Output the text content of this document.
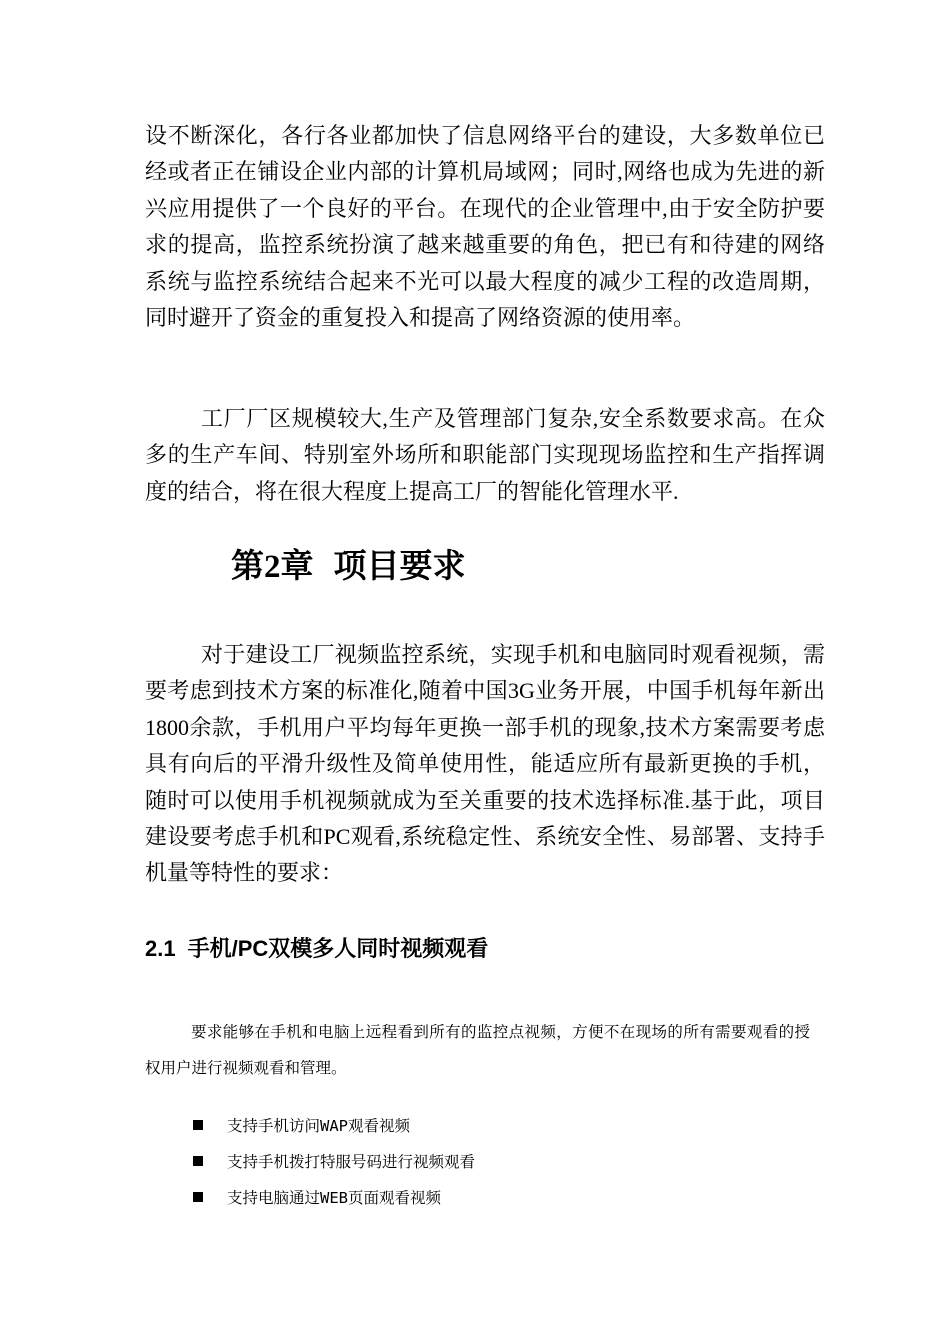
设不断深化，各行各业都加快了信息网络平台的建设，大多数单位已经或者正在铺设企业内部的计算机局域网；同时,网络也成为先进的新兴应用提供了一个良好的平台。在现代的企业管理中,由于安全防护要求的提高，监控系统扮演了越来越重要的角色，把已有和待建的网络系统与监控系统结合起来不光可以最大程度的减少工程的改造周期，同时避开了资金的重复投入和提高了网络资源的使用率。

工厂厂区规模较大,生产及管理部门复杂,安全系数要求高。在众多的生产车间、特别室外场所和职能部门实现现场监控和生产指挥调度的结合，将在很大程度上提高工厂的智能化管理水平.

第2章 项目要求

对于建设工厂视频监控系统，实现手机和电脑同时观看视频，需要考虑到技术方案的标准化,随着中国3G业务开展，中国手机每年新出1800余款，手机用户平均每年更换一部手机的现象,技术方案需要考虑具有向后的平滑升级性及简单使用性，能适应所有最新更换的手机，随时可以使用手机视频就成为至关重要的技术选择标准.基于此，项目建设要考虑手机和PC观看,系统稳定性、系统安全性、易部署、支持手机量等特性的要求：

2.1 手机/PC双模多人同时视频观看

要求能够在手机和电脑上远程看到所有的监控点视频，方便不在现场的所有需要观看的授权用户进行视频观看和管理。

支持手机访问WAP观看视频
支持手机拨打特服号码进行视频观看
支持电脑通过WEB页面观看视频
